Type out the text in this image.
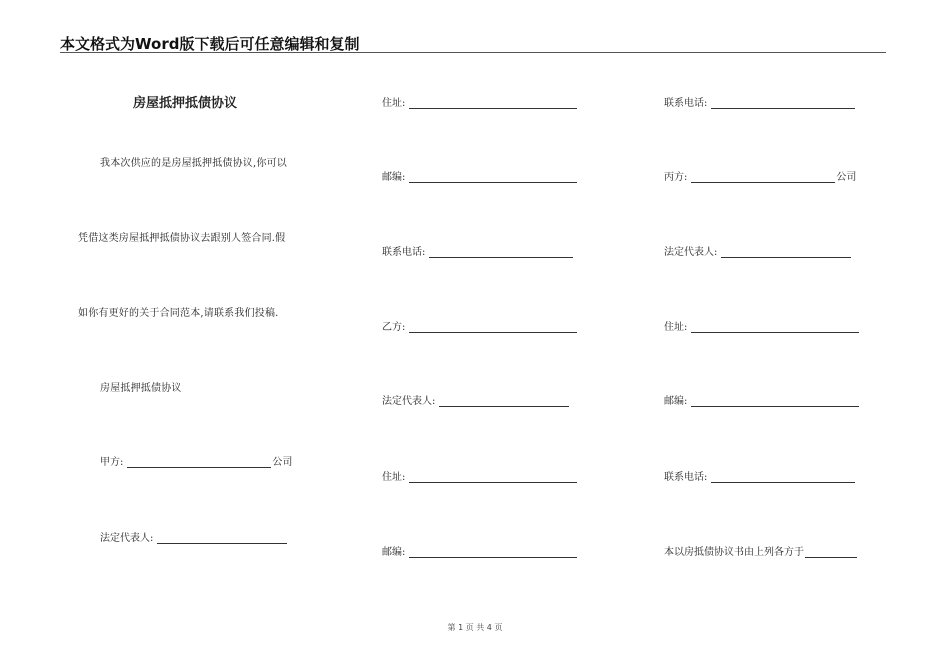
本文格式为Word版下载后可任意编辑和复制
房屋抵押抵债协议
我本次供应的是房屋抵押抵债协议,你可以
凭借这类房屋抵押抵债协议去跟别人签合同.假
如你有更好的关于合同范本,请联系我们投稿.
房屋抵押抵债协议
甲方:	公司
法定代表人:
住址:
邮编:
联系电话:
乙方:
法定代表人:
住址:
邮编:
联系电话:
丙方:	公司
法定代表人:
住址:
邮编:
联系电话:
本以房抵债协议书由上列各方于
第 1 页 共 4 页
